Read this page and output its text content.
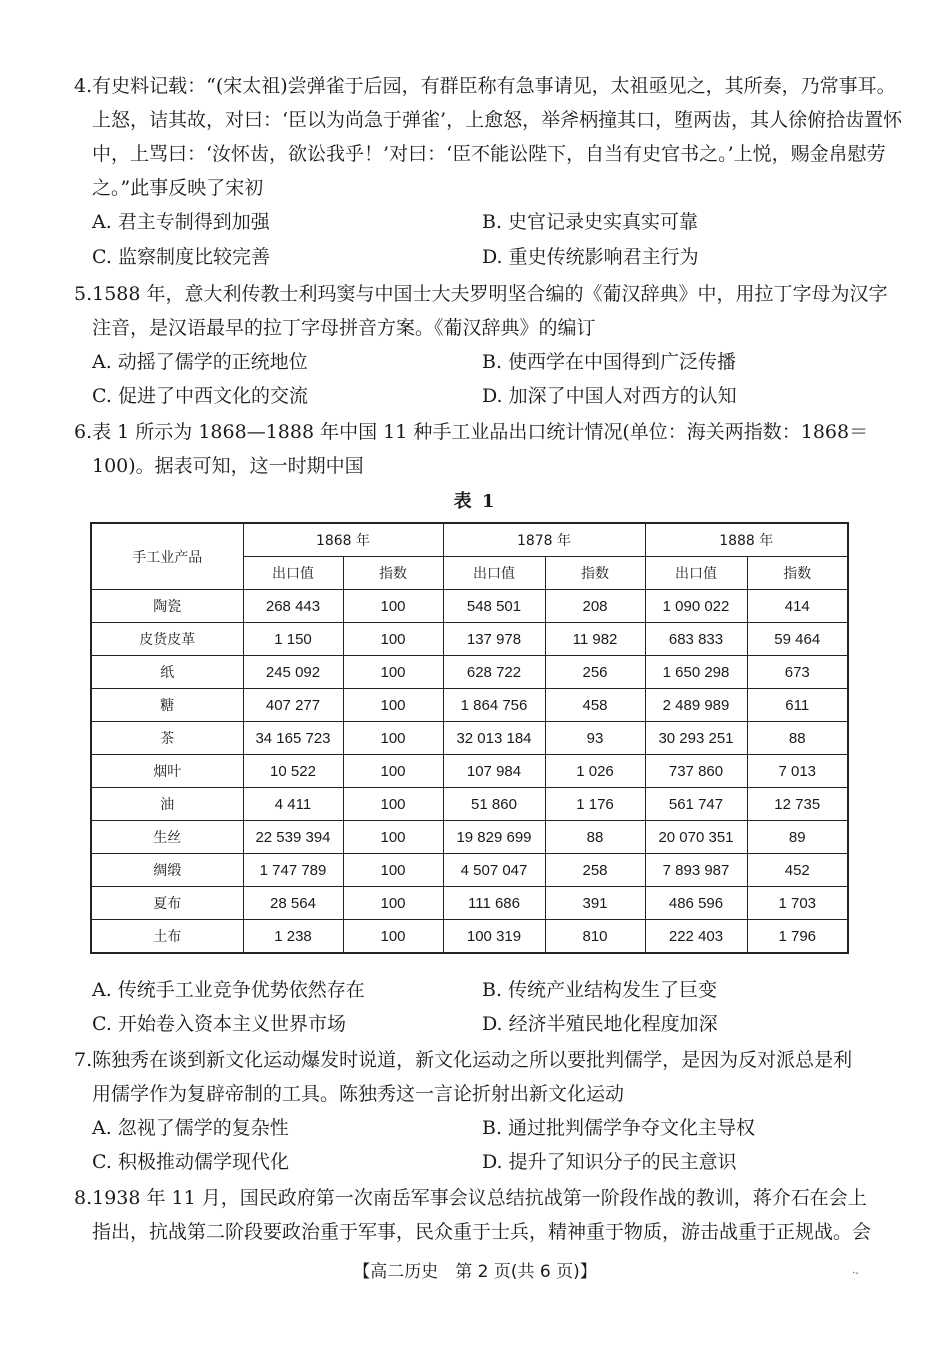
4.有史料记载：“(宋太祖)尝弹雀于后园，有群臣称有急事请见，太祖亟见之，其所奏，乃常事耳。
上怒，诘其故，对曰：‘臣以为尚急于弹雀’，上愈怒，举斧柄撞其口，堕两齿，其人徐俯拾齿置怀
中，上骂曰：‘汝怀齿，欲讼我乎！’对曰：‘臣不能讼陛下，自当有史官书之。’上悦，赐金帛慰劳
之。”此事反映了宋初
A. 君主专制得到加强	B. 史官记录史实真实可靠
C. 监察制度比较完善	D. 重史传统影响君主行为
5.1588 年，意大利传教士利玛窦与中国士大夫罗明坚合编的《葡汉辞典》中，用拉丁字母为汉字
注音，是汉语最早的拉丁字母拼音方案。《葡汉辞典》的编订
A. 动摇了儒学的正统地位	B. 使西学在中国得到广泛传播
C. 促进了中西文化的交流	D. 加深了中国人对西方的认知
6.表 1 所示为 1868—1888 年中国 11 种手工业品出口统计情况(单位：海关两指数：1868＝
100)。据表可知，这一时期中国
表 1
手工业产品	1868 年		1878 年		1888 年	
	出口值	指数	出口值	指数	出口值	指数
陶瓷	268 443	100	548 501	208	1 090 022	414
皮货皮革	1 150	100	137 978	11 982	683 833	59 464
纸	245 092	100	628 722	256	1 650 298	673
糖	407 277	100	1 864 756	458	2 489 989	611
茶	34 165 723	100	32 013 184	93	30 293 251	88
烟叶	10 522	100	107 984	1 026	737 860	7 013
油	4 411	100	51 860	1 176	561 747	12 735
生丝	22 539 394	100	19 829 699	88	20 070 351	89
绸缎	1 747 789	100	4 507 047	258	7 893 987	452
夏布	28 564	100	111 686	391	486 596	1 703
土布	1 238	100	100 319	810	222 403	1 796
A. 传统手工业竞争优势依然存在	B. 传统产业结构发生了巨变
C. 开始卷入资本主义世界市场	D. 经济半殖民地化程度加深
7.陈独秀在谈到新文化运动爆发时说道，新文化运动之所以要批判儒学，是因为反对派总是利
用儒学作为复辟帝制的工具。陈独秀这一言论折射出新文化运动
A. 忽视了儒学的复杂性	B. 通过批判儒学争夺文化主导权
C. 积极推动儒学现代化	D. 提升了知识分子的民主意识
8.1938 年 11 月，国民政府第一次南岳军事会议总结抗战第一阶段作战的教训，蒋介石在会上
指出，抗战第二阶段要政治重于军事，民众重于士兵，精神重于物质，游击战重于正规战。会
【高二历史　第 2 页(共 6 页)】	·-
